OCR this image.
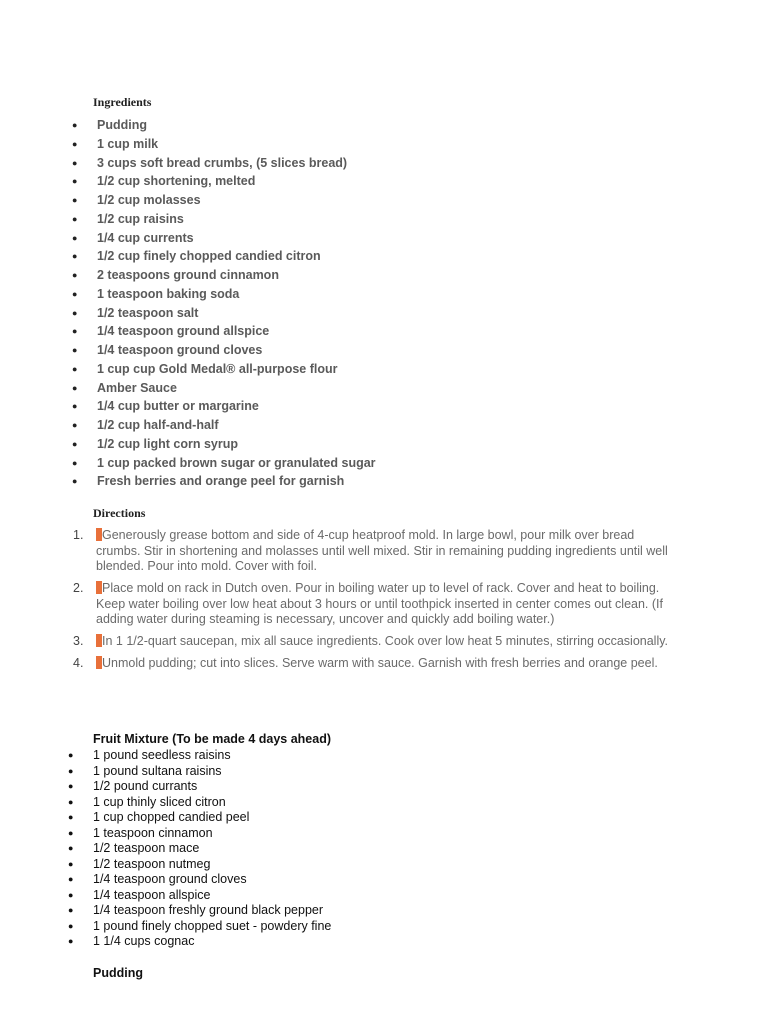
Ingredients
● Pudding
● 1 cup milk
● 3 cups soft bread crumbs, (5 slices bread)
● 1/2 cup shortening, melted
● 1/2 cup molasses
● 1/2 cup raisins
● 1/4 cup currents
● 1/2 cup finely chopped candied citron
● 2 teaspoons ground cinnamon
● 1 teaspoon baking soda
● 1/2 teaspoon salt
● 1/4 teaspoon ground allspice
● 1/4 teaspoon ground cloves
● 1 cup cup Gold Medal® all-purpose flour
● Amber Sauce
● 1/4 cup butter or margarine
● 1/2 cup half-and-half
● 1/2 cup light corn syrup
● 1 cup packed brown sugar or granulated sugar
● Fresh berries and orange peel for garnish
Directions
1. Generously grease bottom and side of 4-cup heatproof mold. In large bowl, pour milk over bread crumbs. Stir in shortening and molasses until well mixed. Stir in remaining pudding ingredients until well blended. Pour into mold. Cover with foil.
2. Place mold on rack in Dutch oven. Pour in boiling water up to level of rack. Cover and heat to boiling. Keep water boiling over low heat about 3 hours or until toothpick inserted in center comes out clean. (If adding water during steaming is necessary, uncover and quickly add boiling water.)
3. In 1 1/2-quart saucepan, mix all sauce ingredients. Cook over low heat 5 minutes, stirring occasionally.
4. Unmold pudding; cut into slices. Serve warm with sauce. Garnish with fresh berries and orange peel.
Fruit Mixture (To be made 4 days ahead)
● 1 pound seedless raisins
● 1 pound sultana raisins
● 1/2 pound currants
● 1 cup thinly sliced citron
● 1 cup chopped candied peel
● 1 teaspoon cinnamon
● 1/2 teaspoon mace
● 1/2 teaspoon nutmeg
● 1/4 teaspoon ground cloves
● 1/4 teaspoon allspice
● 1/4 teaspoon freshly ground black pepper
● 1 pound finely chopped suet - powdery fine
● 1 1/4 cups cognac
Pudding
